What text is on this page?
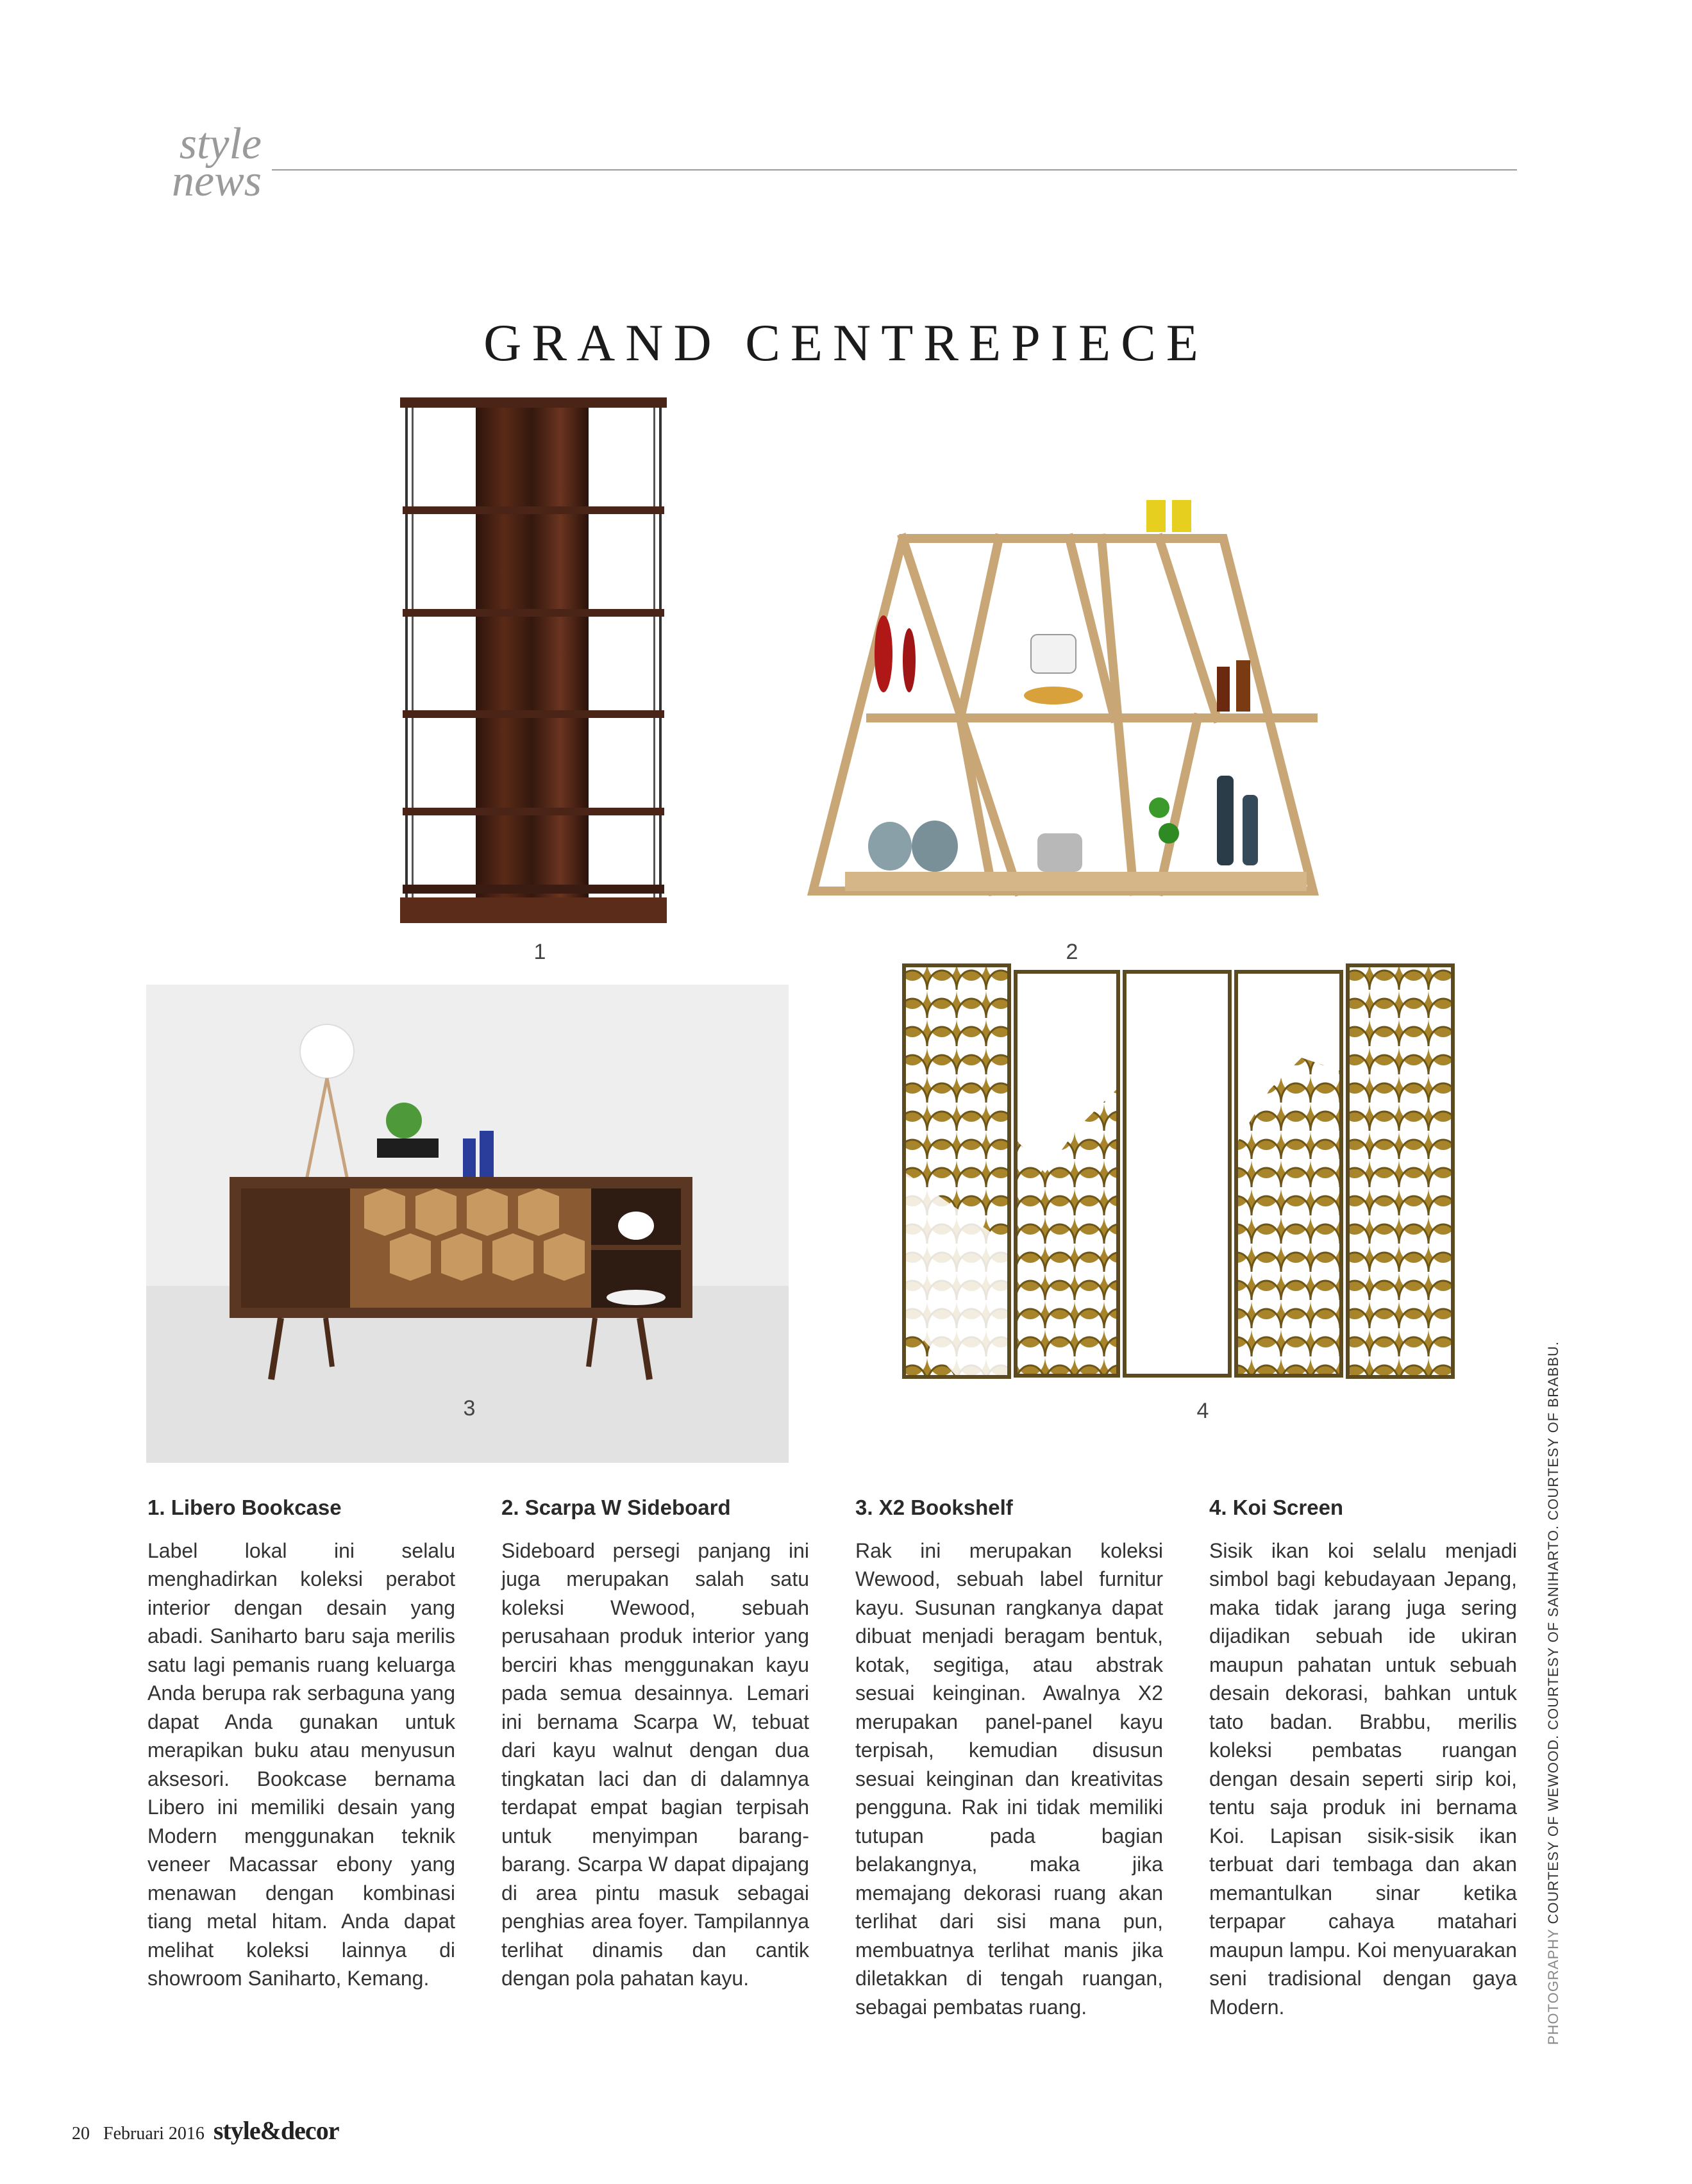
style
news
GRAND CENTREPIECE
1	2
3	4

1. Libero Bookcase

Label lokal ini selalu menghadirkan koleksi perabot interior dengan desain yang abadi. Saniharto baru saja merilis satu lagi pemanis ruang keluarga Anda berupa rak serbaguna yang dapat Anda gunakan untuk merapikan buku atau menyusun aksesori. Bookcase bernama Libero ini memiliki desain yang Modern menggunakan teknik veneer Macassar ebony yang menawan dengan kombinasi tiang metal hitam. Anda dapat melihat koleksi lainnya di showroom Saniharto, Kemang.

2. Scarpa W Sideboard

Sideboard persegi panjang ini juga merupakan salah satu koleksi Wewood, sebuah perusahaan produk interior yang berciri khas menggunakan kayu pada semua desainnya. Lemari ini bernama Scarpa W, tebuat dari kayu walnut dengan dua tingkatan laci dan di dalamnya terdapat empat bagian terpisah untuk menyimpan barang-barang. Scarpa W dapat dipajang di area pintu masuk sebagai penghias area foyer. Tampilannya terlihat dinamis dan cantik dengan pola pahatan kayu.

3. X2 Bookshelf

Rak ini merupakan koleksi Wewood, sebuah label furnitur kayu. Susunan rangkanya dapat dibuat menjadi beragam bentuk, kotak, segitiga, atau abstrak sesuai keinginan. Awalnya X2 merupakan panel-panel kayu terpisah, kemudian disusun sesuai keinginan dan kreativitas pengguna. Rak ini tidak memiliki tutupan pada bagian belakangnya, maka jika memajang dekorasi ruang akan terlihat dari sisi mana pun, membuatnya terlihat manis jika diletakkan di tengah ruangan, sebagai pembatas ruang.

4. Koi Screen

Sisik ikan koi selalu menjadi simbol bagi kebudayaan Jepang, maka tidak jarang juga sering dijadikan sebuah ide ukiran maupun pahatan untuk sebuah desain dekorasi, bahkan untuk tato badan. Brabbu, merilis koleksi pembatas ruangan dengan desain seperti sirip koi, tentu saja produk ini bernama Koi. Lapisan sisik-sisik ikan terbuat dari tembaga dan akan memantulkan sinar ketika terpapar cahaya matahari maupun lampu. Koi menyuarakan seni tradisional dengan gaya Modern.	PHOTOGRAPHY COURTESY OF WEWOOD. COURTESY OF SANIHARTO. COURTESY OF BRABBU.
20 Februari 2016 style&decor
